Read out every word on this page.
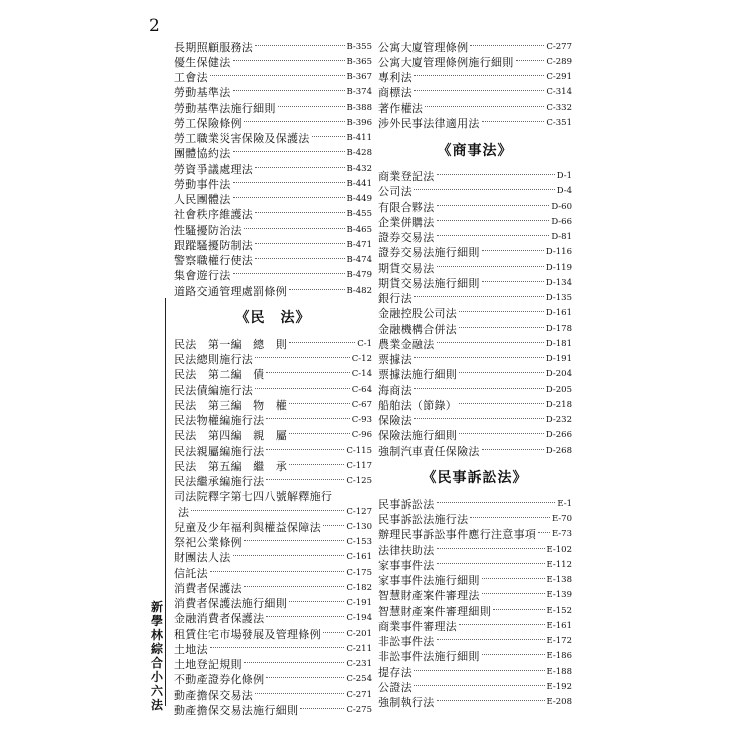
2
長期照顧服務法	B-355
優生保健法	B-365
工會法	B-367
勞動基準法	B-374
勞動基準法施行細則	B-388
勞工保險條例	B-396
勞工職業災害保險及保護法	B-411
團體協約法	B-428
勞資爭議處理法	B-432
勞動事件法	B-441
人民團體法	B-449
社會秩序維護法	B-455
性騷擾防治法	B-465
跟蹤騷擾防制法	B-471
警察職權行使法	B-474
集會遊行法	B-479
道路交通管理處罰條例	B-482
《民　法》
民法　第一編　總　則	C-1
民法總則施行法	C-12
民法　第二編　債	C-14
民法債編施行法	C-64
民法　第三編　物　權	C-67
民法物權編施行法	C-93
民法　第四編　親　屬	C-96
民法親屬編施行法	C-115
民法　第五編　繼　承	C-117
民法繼承編施行法	C-125
司法院釋字第七四八號解釋施行
法	C-127
兒童及少年福利與權益保障法	C-130
祭祀公業條例	C-153
財團法人法	C-161
信託法	C-175
消費者保護法	C-182
消費者保護法施行細則	C-191
金融消費者保護法	C-194
租賃住宅市場發展及管理條例	C-201
土地法	C-211
土地登記規則	C-231
不動產證券化條例	C-254
動產擔保交易法	C-271
動產擔保交易法施行細則	C-275
公寓大廈管理條例	C-277
公寓大廈管理條例施行細則	C-289
專利法	C-291
商標法	C-314
著作權法	C-332
涉外民事法律適用法	C-351
《商事法》
商業登記法	D-1
公司法	D-4
有限合夥法	D-60
企業併購法	D-66
證券交易法	D-81
證券交易法施行細則	D-116
期貨交易法	D-119
期貨交易法施行細則	D-134
銀行法	D-135
金融控股公司法	D-161
金融機構合併法	D-178
農業金融法	D-181
票據法	D-191
票據法施行細則	D-204
海商法	D-205
船舶法（節錄）	D-218
保險法	D-232
保險法施行細則	D-266
強制汽車責任保險法	D-268
《民事訴訟法》
民事訴訟法	E-1
民事訴訟法施行法	E-70
辦理民事訴訟事件應行注意事項 E-73
法律扶助法	E-102
家事事件法	E-112
家事事件法施行細則	E-138
智慧財產案件審理法	E-139
智慧財產案件審理細則	E-152
商業事件審理法	E-161
非訟事件法	E-172
非訟事件法施行細則	E-186
提存法	E-188
公證法	E-192
強制執行法	E-208
新學林綜合小六法
